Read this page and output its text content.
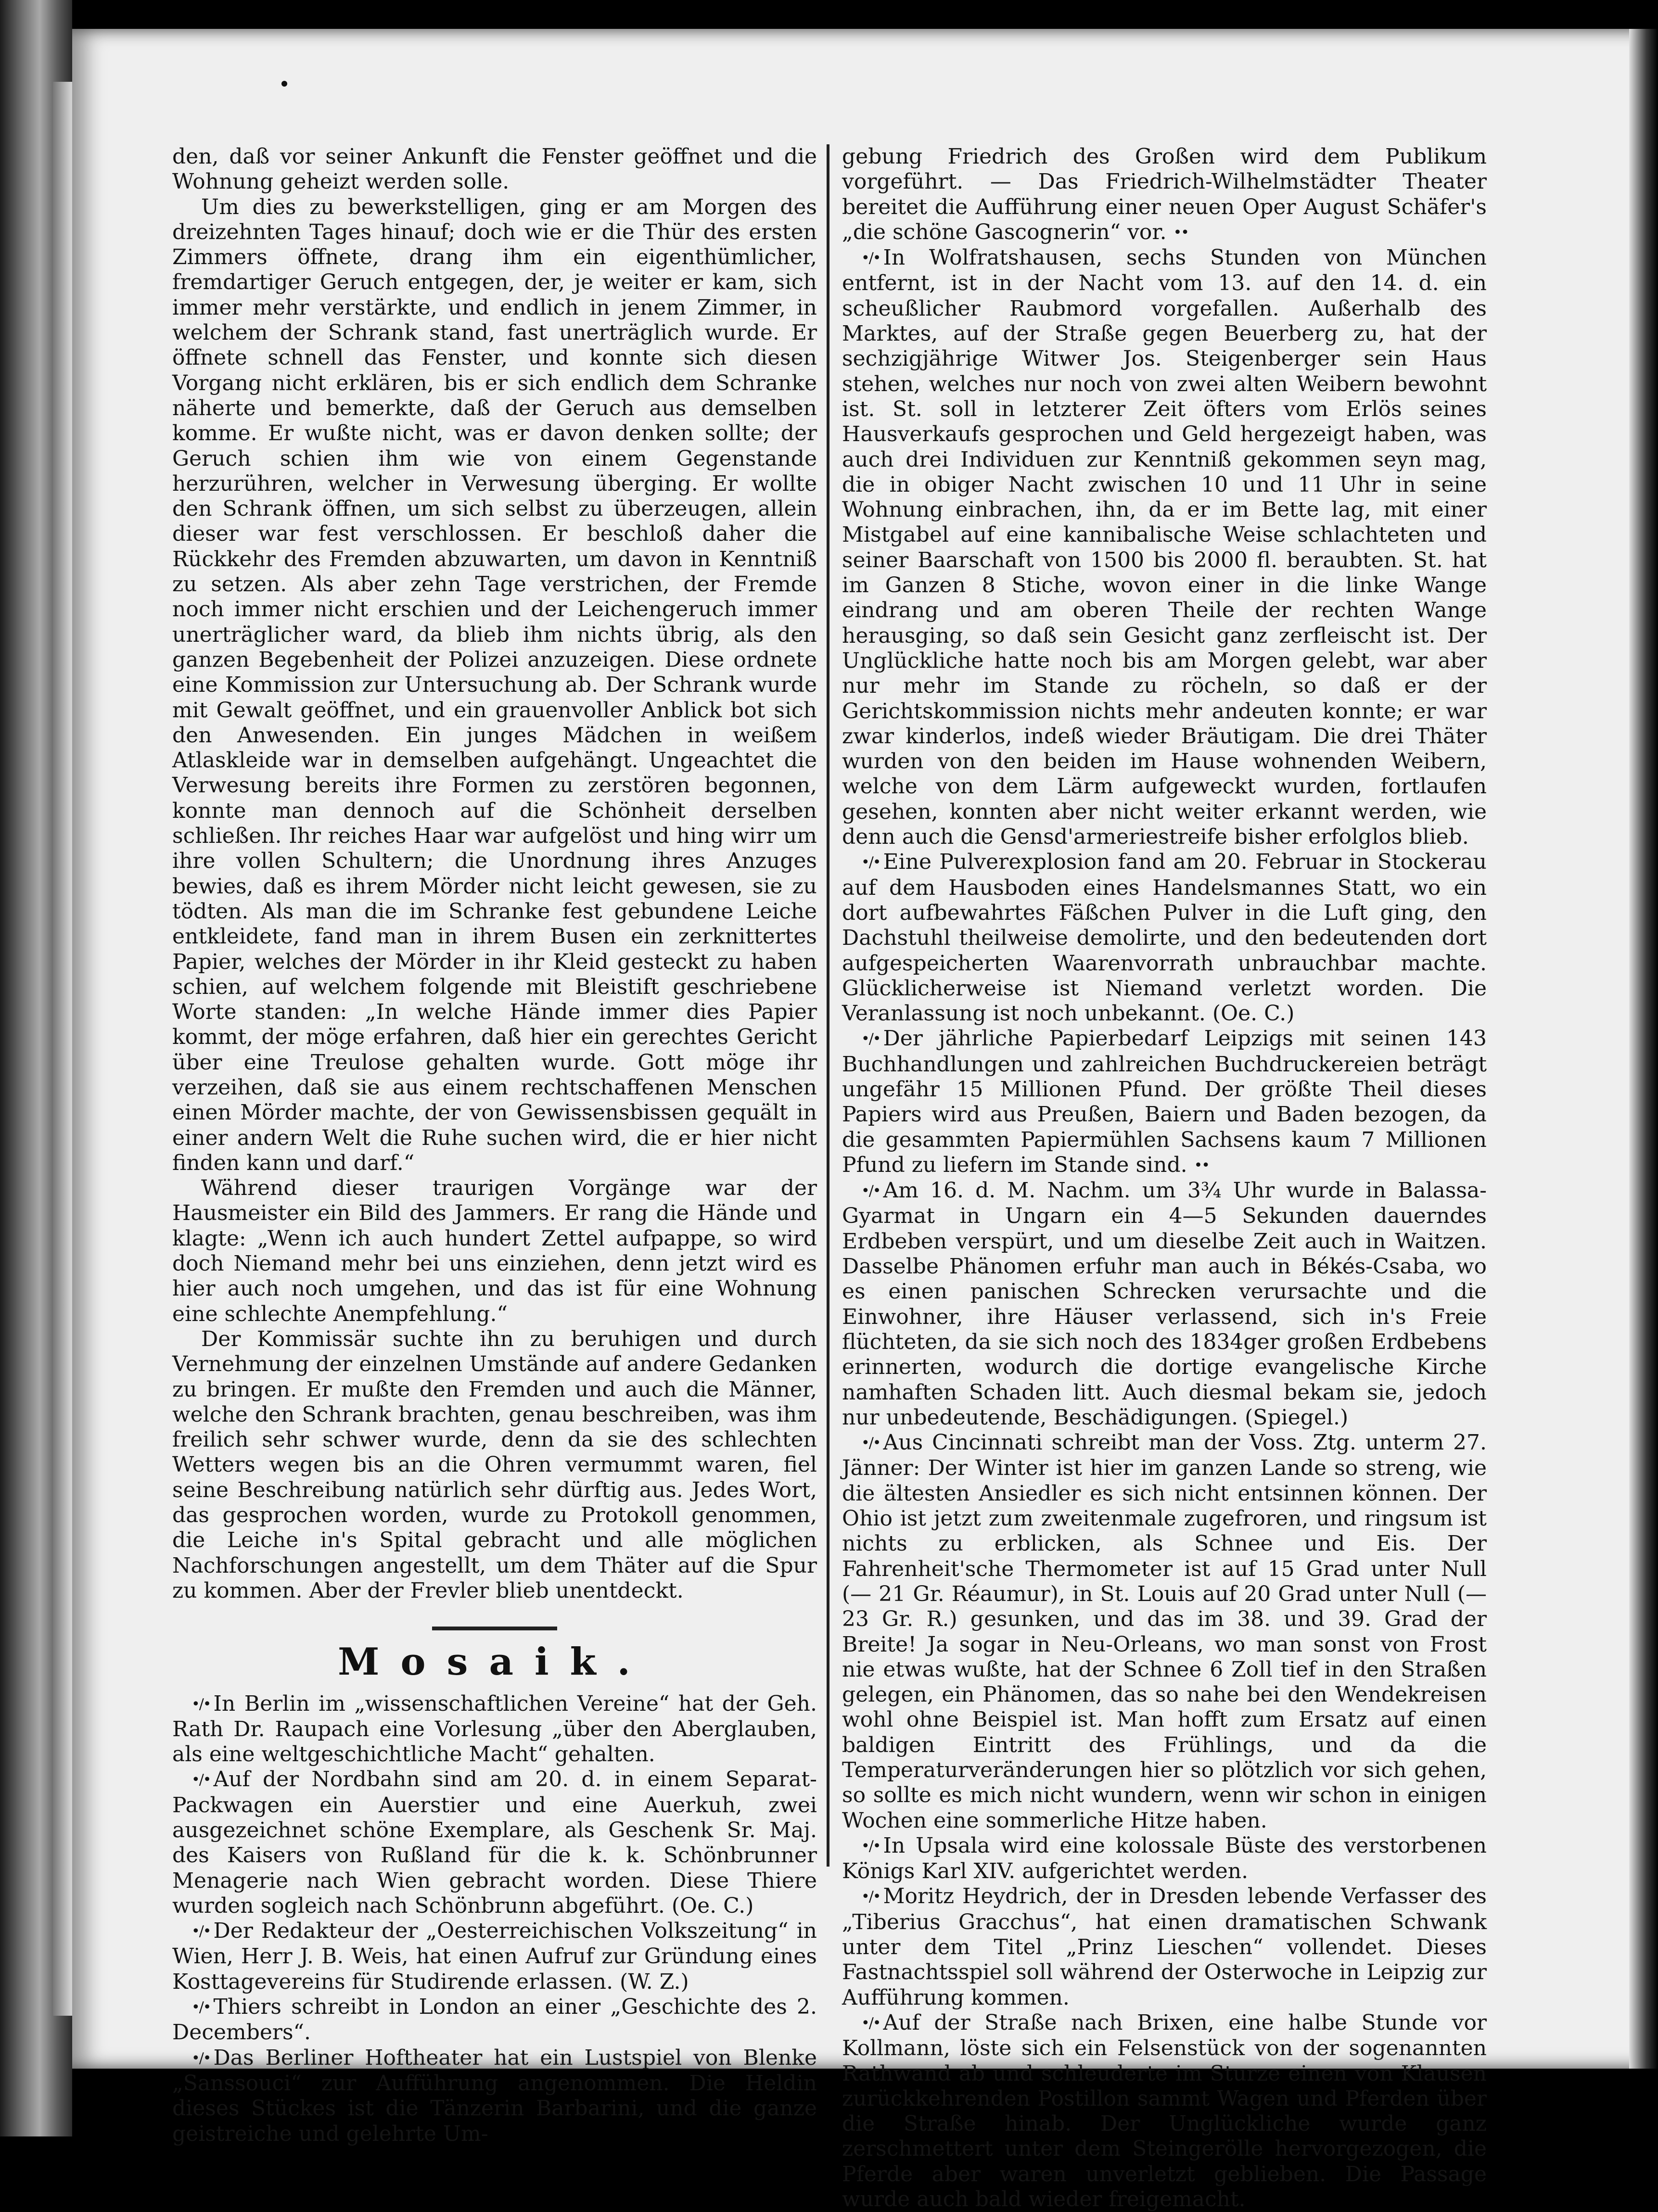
den, daß vor seiner Ankunft die Fenster geöffnet und die Wohnung geheizt werden solle.

Um dies zu bewerkstelligen, ging er am Morgen des dreizehnten Tages hinauf; doch wie er die Thür des ersten Zimmers öffnete, drang ihm ein eigenthümlicher, fremdartiger Geruch entgegen, der, je weiter er kam, sich immer mehr verstärkte, und endlich in jenem Zimmer, in welchem der Schrank stand, fast unerträglich wurde. Er öffnete schnell das Fenster, und konnte sich diesen Vorgang nicht erklären, bis er sich endlich dem Schranke näherte und bemerkte, daß der Geruch aus demselben komme. Er wußte nicht, was er davon denken sollte; der Geruch schien ihm wie von einem Gegenstande herzurühren, welcher in Verwesung überging. Er wollte den Schrank öffnen, um sich selbst zu überzeugen, allein dieser war fest verschlossen. Er beschloß daher die Rückkehr des Fremden abzuwarten, um davon in Kenntniß zu setzen. Als aber zehn Tage verstrichen, der Fremde noch immer nicht erschien und der Leichengeruch immer unerträglicher ward, da blieb ihm nichts übrig, als den ganzen Begebenheit der Polizei anzuzeigen. Diese ordnete eine Kommission zur Untersuchung ab. Der Schrank wurde mit Gewalt geöffnet, und ein grauenvoller Anblick bot sich den Anwesenden. Ein junges Mädchen in weißem Atlaskleide war in demselben aufgehängt. Ungeachtet die Verwesung bereits ihre Formen zu zerstören begonnen, konnte man dennoch auf die Schönheit derselben schließen. Ihr reiches Haar war aufgelöst und hing wirr um ihre vollen Schultern; die Unordnung ihres Anzuges bewies, daß es ihrem Mörder nicht leicht gewesen, sie zu tödten. Als man die im Schranke fest gebundene Leiche entkleidete, fand man in ihrem Busen ein zerknittertes Papier, welches der Mörder in ihr Kleid gesteckt zu haben schien, auf welchem folgende mit Bleistift geschriebene Worte standen: „In welche Hände immer dies Papier kommt, der möge erfahren, daß hier ein gerechtes Gericht über eine Treulose gehalten wurde. Gott möge ihr verzeihen, daß sie aus einem rechtschaffenen Menschen einen Mörder machte, der von Gewissensbissen gequält in einer andern Welt die Ruhe suchen wird, die er hier nicht finden kann und darf.“

Während dieser traurigen Vorgänge war der Hausmeister ein Bild des Jammers. Er rang die Hände und klagte: „Wenn ich auch hundert Zettel aufpappe, so wird doch Niemand mehr bei uns einziehen, denn jetzt wird es hier auch noch umgehen, und das ist für eine Wohnung eine schlechte Anempfehlung.“

Der Kommissär suchte ihn zu beruhigen und durch Vernehmung der einzelnen Umstände auf andere Gedanken zu bringen. Er mußte den Fremden und auch die Männer, welche den Schrank brachten, genau beschreiben, was ihm freilich sehr schwer wurde, denn da sie des schlechten Wetters wegen bis an die Ohren vermummt waren, fiel seine Beschreibung natürlich sehr dürftig aus. Jedes Wort, das gesprochen worden, wurde zu Protokoll genommen, die Leiche in's Spital gebracht und alle möglichen Nachforschungen angestellt, um dem Thäter auf die Spur zu kommen. Aber der Frevler blieb unentdeckt.

Mosaik.

•/• In Berlin im „wissenschaftlichen Vereine“ hat der Geh. Rath Dr. Raupach eine Vorlesung „über den Aberglauben, als eine weltgeschichtliche Macht“ gehalten.

•/• Auf der Nordbahn sind am 20. d. in einem Separat-Packwagen ein Auerstier und eine Auerkuh, zwei ausgezeichnet schöne Exemplare, als Geschenk Sr. Maj. des Kaisers von Rußland für die k. k. Schönbrunner Menagerie nach Wien gebracht worden. Diese Thiere wurden sogleich nach Schönbrunn abgeführt. (Oe. C.)

•/• Der Redakteur der „Oesterreichischen Volkszeitung“ in Wien, Herr J. B. Weis, hat einen Aufruf zur Gründung eines Kosttagevereins für Studirende erlassen. (W. Z.)

•/• Thiers schreibt in London an einer „Geschichte des 2. Decembers“.

•/• Das Berliner Hoftheater hat ein Lustspiel von Blenke „Sanssouci“ zur Aufführung angenommen. Die Heldin dieses Stückes ist die Tänzerin Barbarini, und die ganze geistreiche und gelehrte Um-

gebung Friedrich des Großen wird dem Publikum vorgeführt. — Das Friedrich-Wilhelmstädter Theater bereitet die Aufführung einer neuen Oper August Schäfer's „die schöne Gascognerin“ vor. ••

•/• In Wolfratshausen, sechs Stunden von München entfernt, ist in der Nacht vom 13. auf den 14. d. ein scheußlicher Raubmord vorgefallen. Außerhalb des Marktes, auf der Straße gegen Beuerberg zu, hat der sechzigjährige Witwer Jos. Steigenberger sein Haus stehen, welches nur noch von zwei alten Weibern bewohnt ist. St. soll in letzterer Zeit öfters vom Erlös seines Hausverkaufs gesprochen und Geld hergezeigt haben, was auch drei Individuen zur Kenntniß gekommen seyn mag, die in obiger Nacht zwischen 10 und 11 Uhr in seine Wohnung einbrachen, ihn, da er im Bette lag, mit einer Mistgabel auf eine kannibalische Weise schlachteten und seiner Baarschaft von 1500 bis 2000 fl. beraubten. St. hat im Ganzen 8 Stiche, wovon einer in die linke Wange eindrang und am oberen Theile der rechten Wange herausging, so daß sein Gesicht ganz zerfleischt ist. Der Unglückliche hatte noch bis am Morgen gelebt, war aber nur mehr im Stande zu röcheln, so daß er der Gerichtskommission nichts mehr andeuten konnte; er war zwar kinderlos, indeß wieder Bräutigam. Die drei Thäter wurden von den beiden im Hause wohnenden Weibern, welche von dem Lärm aufgeweckt wurden, fortlaufen gesehen, konnten aber nicht weiter erkannt werden, wie denn auch die Gensd'armeriestreife bisher erfolglos blieb.

•/• Eine Pulverexplosion fand am 20. Februar in Stockerau auf dem Hausboden eines Handelsmannes Statt, wo ein dort aufbewahrtes Fäßchen Pulver in die Luft ging, den Dachstuhl theilweise demolirte, und den bedeutenden dort aufgespeicherten Waarenvorrath unbrauchbar machte. Glücklicherweise ist Niemand verletzt worden. Die Veranlassung ist noch unbekannt. (Oe. C.)

•/• Der jährliche Papierbedarf Leipzigs mit seinen 143 Buchhandlungen und zahlreichen Buchdruckereien beträgt ungefähr 15 Millionen Pfund. Der größte Theil dieses Papiers wird aus Preußen, Baiern und Baden bezogen, da die gesammten Papiermühlen Sachsens kaum 7 Millionen Pfund zu liefern im Stande sind. ••

•/• Am 16. d. M. Nachm. um 3¾ Uhr wurde in Balassa-Gyarmat in Ungarn ein 4—5 Sekunden dauerndes Erdbeben verspürt, und um dieselbe Zeit auch in Waitzen. Dasselbe Phänomen erfuhr man auch in Békés-Csaba, wo es einen panischen Schrecken verursachte und die Einwohner, ihre Häuser verlassend, sich in's Freie flüchteten, da sie sich noch des 1834ger großen Erdbebens erinnerten, wodurch die dortige evangelische Kirche namhaften Schaden litt. Auch diesmal bekam sie, jedoch nur unbedeutende, Beschädigungen. (Spiegel.)

•/• Aus Cincinnati schreibt man der Voss. Ztg. unterm 27. Jänner: Der Winter ist hier im ganzen Lande so streng, wie die ältesten Ansiedler es sich nicht entsinnen können. Der Ohio ist jetzt zum zweitenmale zugefroren, und ringsum ist nichts zu erblicken, als Schnee und Eis. Der Fahrenheit'sche Thermometer ist auf 15 Grad unter Null (— 21 Gr. Réaumur), in St. Louis auf 20 Grad unter Null (— 23 Gr. R.) gesunken, und das im 38. und 39. Grad der Breite! Ja sogar in Neu-Orleans, wo man sonst von Frost nie etwas wußte, hat der Schnee 6 Zoll tief in den Straßen gelegen, ein Phänomen, das so nahe bei den Wendekreisen wohl ohne Beispiel ist. Man hofft zum Ersatz auf einen baldigen Eintritt des Frühlings, und da die Temperaturveränderungen hier so plötzlich vor sich gehen, so sollte es mich nicht wundern, wenn wir schon in einigen Wochen eine sommerliche Hitze haben.

•/• In Upsala wird eine kolossale Büste des verstorbenen Königs Karl XIV. aufgerichtet werden.

•/• Moritz Heydrich, der in Dresden lebende Verfasser des „Tiberius Gracchus“, hat einen dramatischen Schwank unter dem Titel „Prinz Lieschen“ vollendet. Dieses Fastnachtsspiel soll während der Osterwoche in Leipzig zur Aufführung kommen.

•/• Auf der Straße nach Brixen, eine halbe Stunde vor Kollmann, löste sich ein Felsenstück von der sogenannten Rathwand ab und schleuderte im Sturze einen von Klausen zurückkehrenden Postillon sammt Wagen und Pferden über die Straße hinab. Der Unglückliche wurde ganz zerschmettert unter dem Steingerölle hervorgezogen, die Pferde aber waren unverletzt geblieben. Die Passage wurde auch bald wieder freigemacht.
